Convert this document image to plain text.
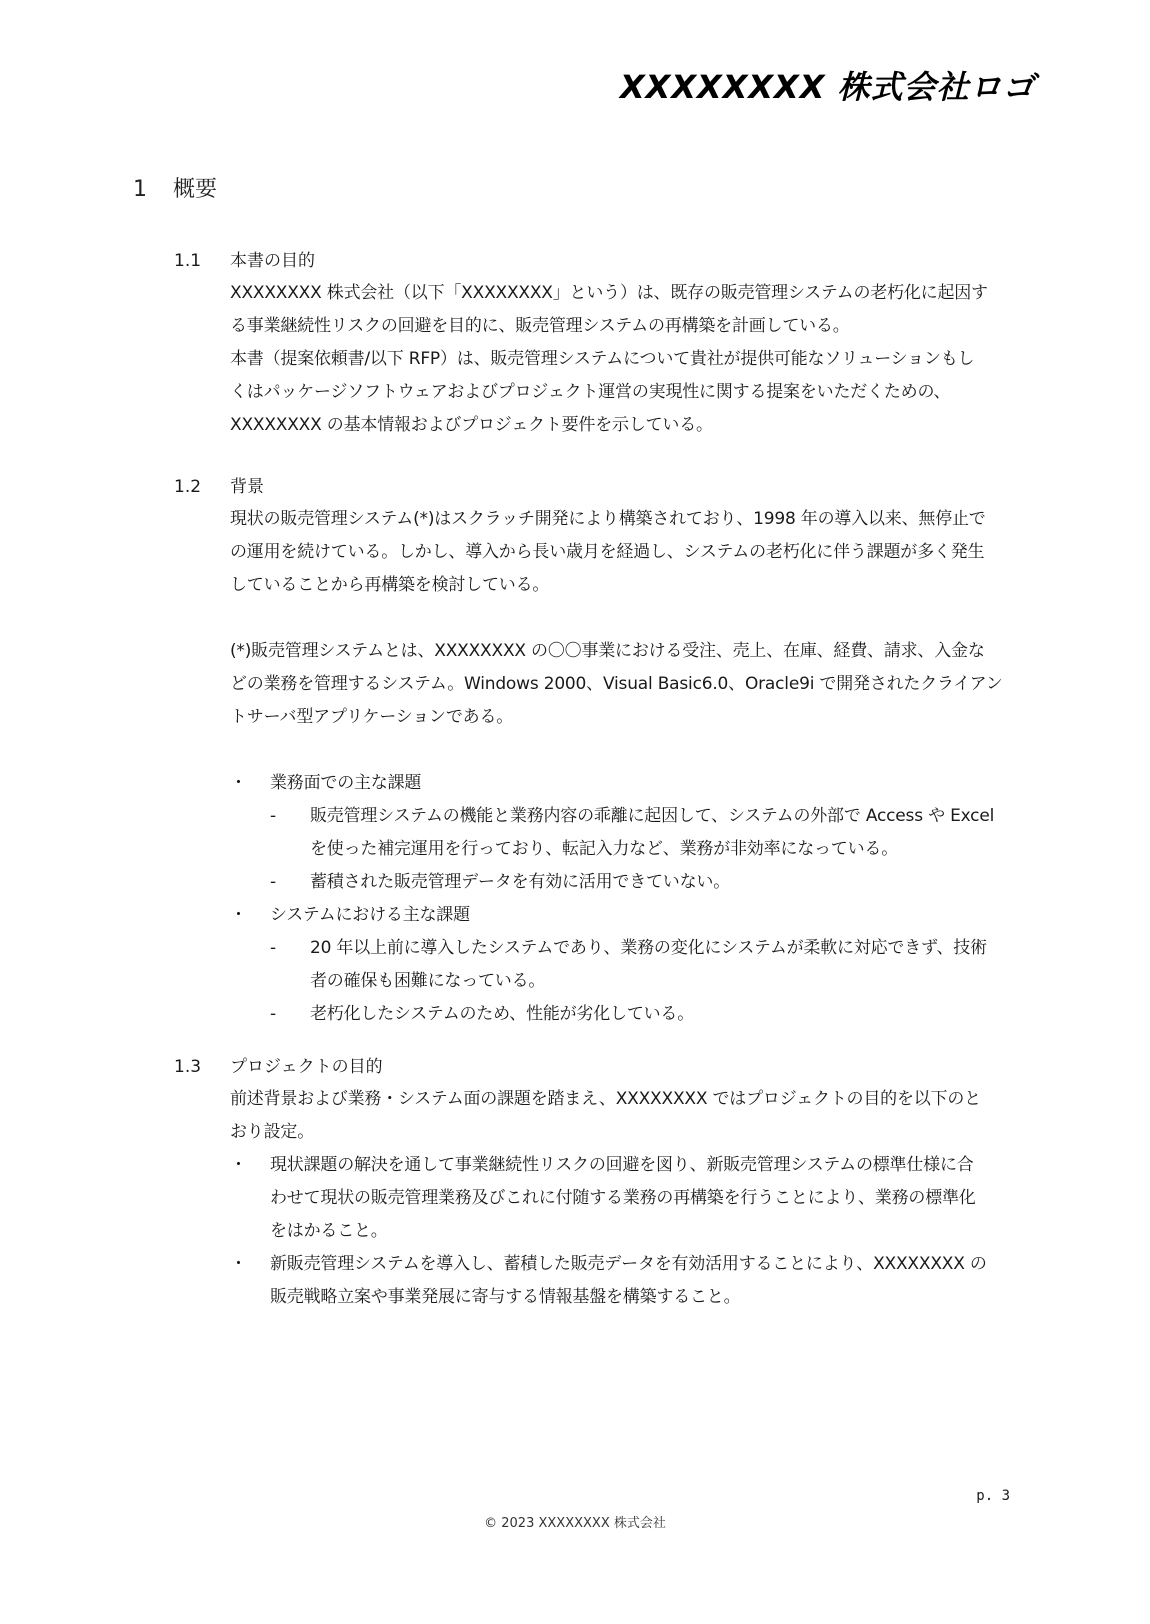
XXXXXXXX 株式会社ロゴ
1 概要
1.1 本書の目的
XXXXXXXX 株式会社（以下「XXXXXXXX」という）は、既存の販売管理システムの老朽化に起因す
る事業継続性リスクの回避を目的に、販売管理システムの再構築を計画している。
本書（提案依頼書/以下 RFP）は、販売管理システムについて貴社が提供可能なソリューションもし
くはパッケージソフトウェアおよびプロジェクト運営の実現性に関する提案をいただくための、
XXXXXXXX の基本情報およびプロジェクト要件を示している。
1.2 背景
現状の販売管理システム(*)はスクラッチ開発により構築されており、1998 年の導入以来、無停止で
の運用を続けている。しかし、導入から長い歳月を経過し、システムの老朽化に伴う課題が多く発生
していることから再構築を検討している。
(*)販売管理システムとは、XXXXXXXX の〇〇事業における受注、売上、在庫、経費、請求、入金な
どの業務を管理するシステム。Windows 2000、Visual Basic6.0、Oracle9i で開発されたクライアン
トサーバ型アプリケーションである。
・ 業務面での主な課題
- 販売管理システムの機能と業務内容の乖離に起因して、システムの外部で Access や Excel
を使った補完運用を行っており、転記入力など、業務が非効率になっている。
- 蓄積された販売管理データを有効に活用できていない。
・ システムにおける主な課題
- 20 年以上前に導入したシステムであり、業務の変化にシステムが柔軟に対応できず、技術
者の確保も困難になっている。
- 老朽化したシステムのため、性能が劣化している。
1.3 プロジェクトの目的
前述背景および業務・システム面の課題を踏まえ、XXXXXXXX ではプロジェクトの目的を以下のと
おり設定。
・ 現状課題の解決を通して事業継続性リスクの回避を図り、新販売管理システムの標準仕様に合
わせて現状の販売管理業務及びこれに付随する業務の再構築を行うことにより、業務の標準化
をはかること。
・ 新販売管理システムを導入し、蓄積した販売データを有効活用することにより、XXXXXXXX の
販売戦略立案や事業発展に寄与する情報基盤を構築すること。
p. 3
© 2023 XXXXXXXX 株式会社
